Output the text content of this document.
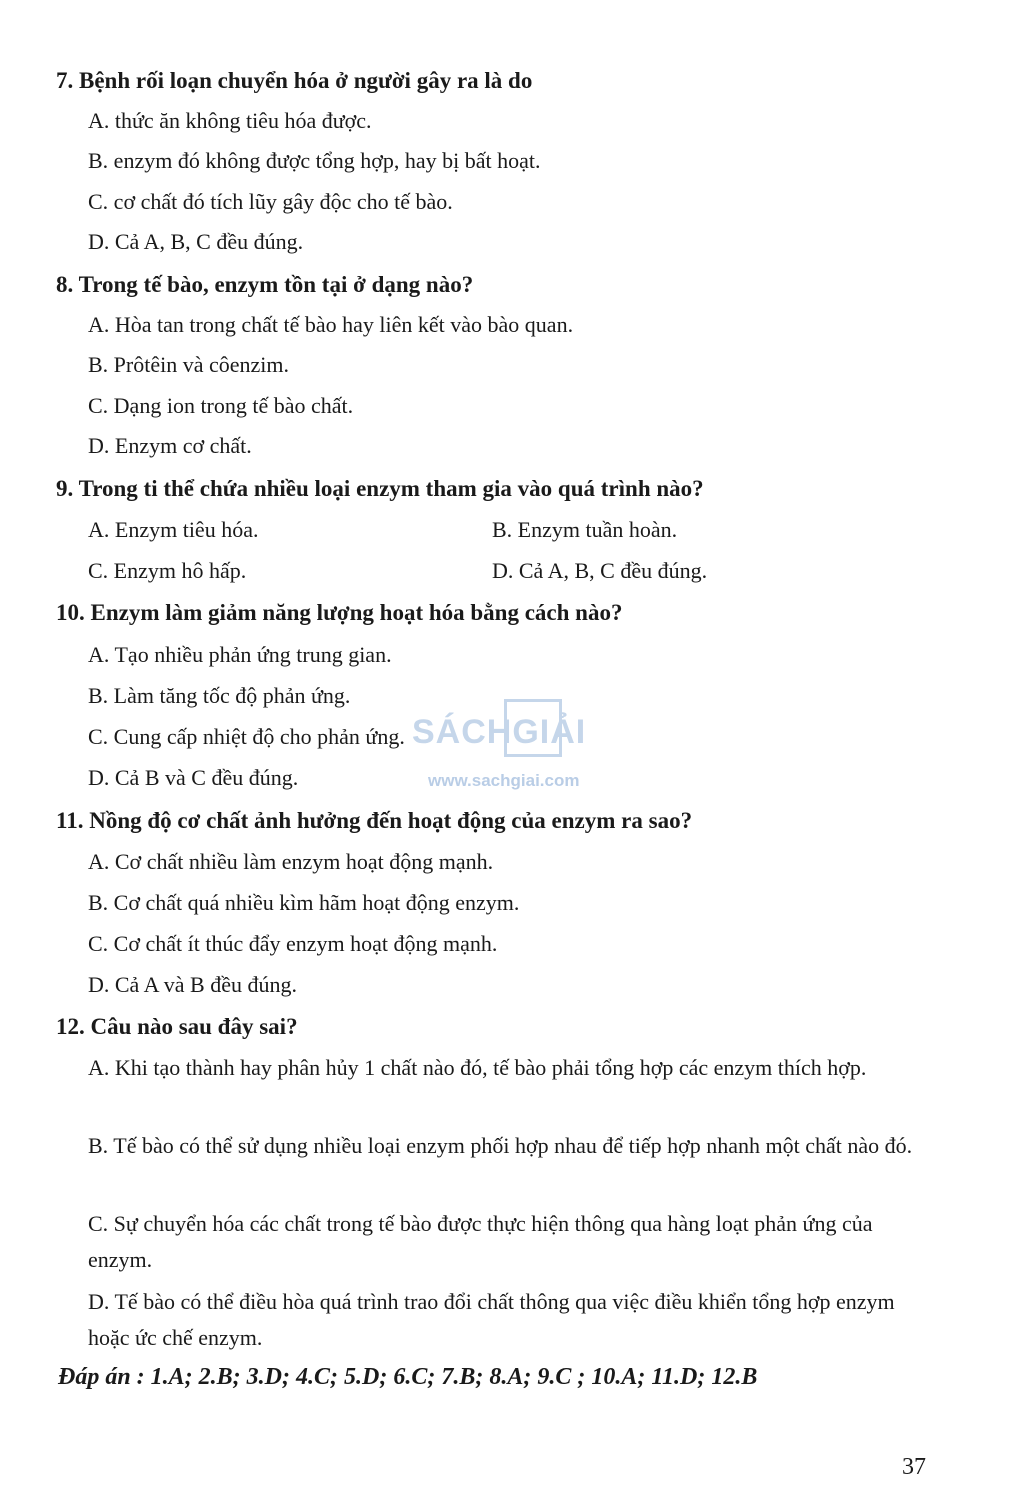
7. Bệnh rối loạn chuyển hóa ở người gây ra là do
A. thức ăn không tiêu hóa được.
B. enzym đó không được tổng hợp, hay bị bất hoạt.
C. cơ chất đó tích lũy gây độc cho tế bào.
D. Cả A, B, C đều đúng.
8. Trong tế bào, enzym tồn tại ở dạng nào?
A. Hòa tan trong chất tế bào hay liên kết vào bào quan.
B. Prôtêin và côenzim.
C. Dạng ion trong tế bào chất.
D. Enzym cơ chất.
9. Trong ti thể chứa nhiều loại enzym tham gia vào quá trình nào?
A. Enzym tiêu hóa.	B. Enzym tuần hoàn.
C. Enzym hô hấp.	D. Cả A, B, C đều đúng.
10. Enzym làm giảm năng lượng hoạt hóa bằng cách nào?
A. Tạo nhiều phản ứng trung gian.
B. Làm tăng tốc độ phản ứng.
C. Cung cấp nhiệt độ cho phản ứng.
D. Cả B và C đều đúng.
SÁCHGIẢI
www.sachgiai.com
11. Nồng độ cơ chất ảnh hưởng đến hoạt động của enzym ra sao?
A. Cơ chất nhiều làm enzym hoạt động mạnh.
B. Cơ chất quá nhiều kìm hãm hoạt động enzym.
C. Cơ chất ít thúc đẩy enzym hoạt động mạnh.
D. Cả A và B đều đúng.
12. Câu nào sau đây sai?
A. Khi tạo thành hay phân hủy 1 chất nào đó, tế bào phải tổng hợp các enzym thích hợp.
B. Tế bào có thể sử dụng nhiều loại enzym phối hợp nhau để tiếp hợp nhanh một chất nào đó.
C. Sự chuyển hóa các chất trong tế bào được thực hiện thông qua hàng loạt phản ứng của enzym.
D. Tế bào có thể điều hòa quá trình trao đổi chất thông qua việc điều khiển tổng hợp enzym hoặc ức chế enzym.
Đáp án : 1.A; 2.B; 3.D; 4.C; 5.D; 6.C; 7.B; 8.A; 9.C ; 10.A; 11.D; 12.B
37
